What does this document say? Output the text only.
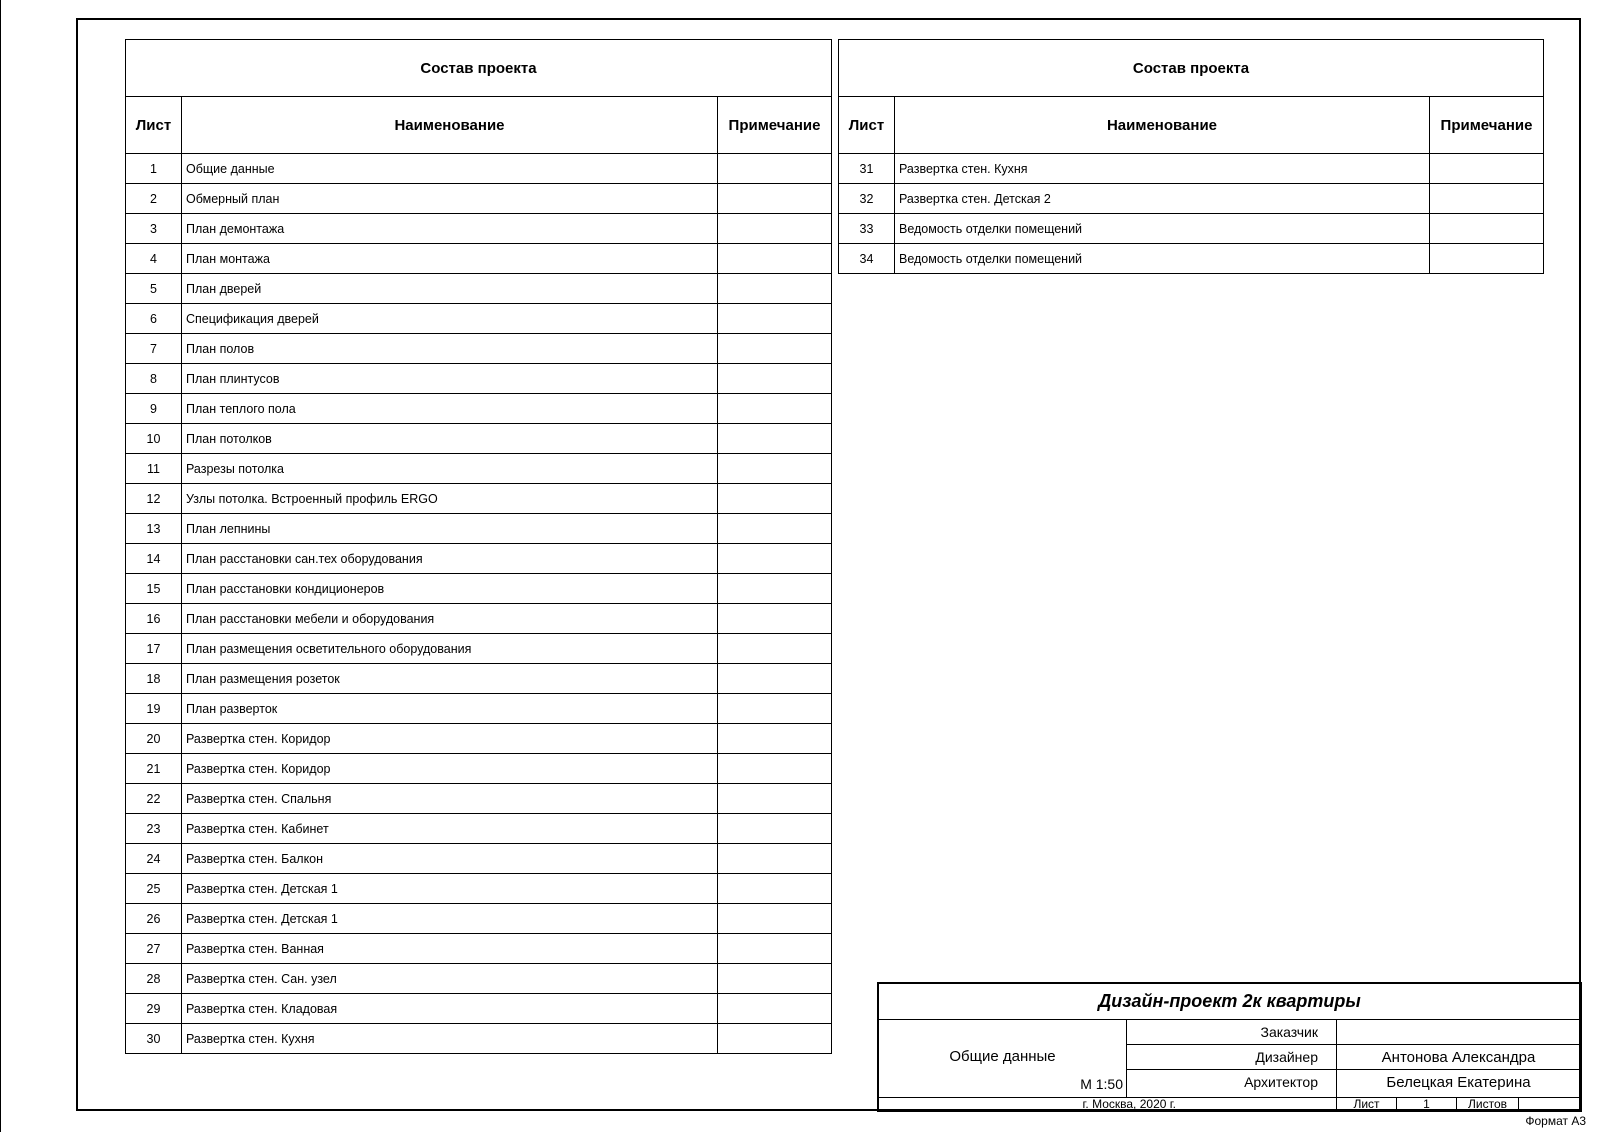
Состав проекта		
Лист	Наименование	Примечание
1	Общие данные	
2	Обмерный план	
3	План демонтажа	
4	План монтажа	
5	План дверей	
6	Спецификация дверей	
7	План полов	
8	План плинтусов	
9	План теплого пола	
10	План потолков	
11	Разрезы потолка	
12	Узлы потолка. Встроенный профиль ERGO	
13	План лепнины	
14	План расстановки сан.тех оборудования	
15	План расстановки кондиционеров	
16	План расстановки мебели и оборудования	
17	План размещения осветительного оборудования	
18	План размещения розеток	
19	План разверток	
20	Развертка стен. Коридор	
21	Развертка стен. Коридор	
22	Развертка стен. Спальня	
23	Развертка стен. Кабинет	
24	Развертка стен. Балкон	
25	Развертка стен. Детская 1	
26	Развертка стен. Детская 1	
27	Развертка стен. Ванная	
28	Развертка стен. Сан. узел	
29	Развертка стен. Кладовая	
30	Развертка стен. Кухня	
Состав проекта		
Лист	Наименование	Примечание
31	Развертка стен. Кухня	
32	Развертка стен. Детская 2	
33	Ведомость отделки помещений	
34	Ведомость отделки помещений	
Дизайн-проект 2к квартиры
Общие данные
М 1:50
Заказчик
Дизайнер	Антонова Александра
Архитектор	Белецкая Екатерина
г. Москва, 2020 г.	Лист	1	Листов
Формат А3
